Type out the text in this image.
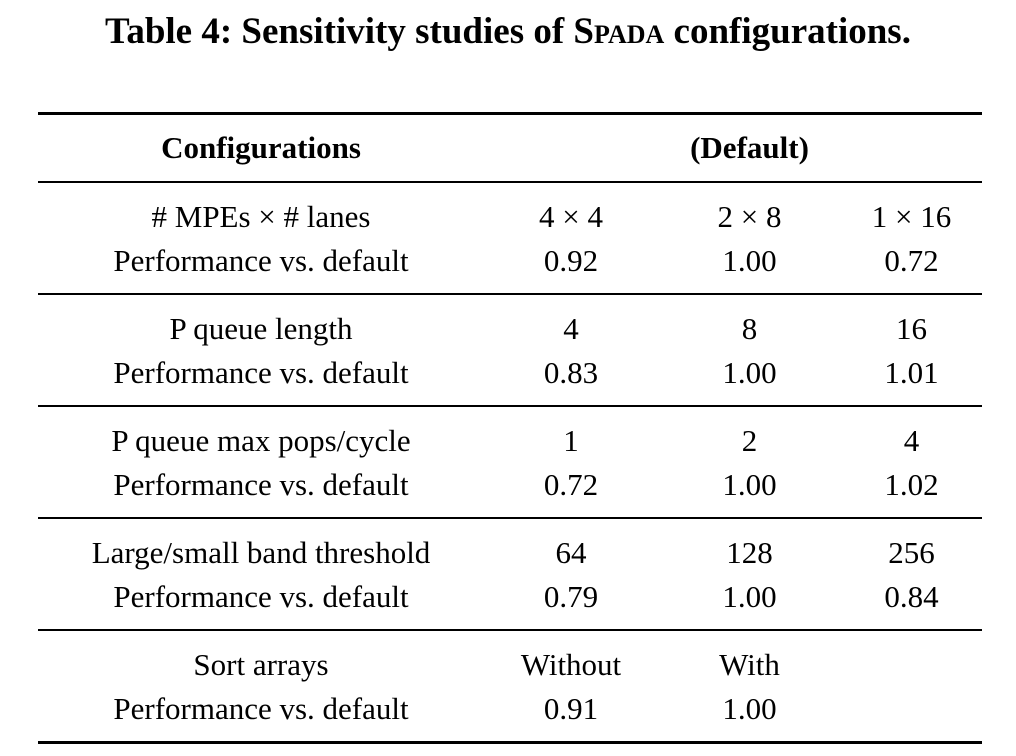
Table 4: Sensitivity studies of Spada configurations.
Configurations		(Default)	
# MPEs × # lanes	4 × 4	2 × 8	1 × 16
Performance vs. default	0.92	1.00	0.72
P queue length	4	8	16
Performance vs. default	0.83	1.00	1.01
P queue max pops/cycle	1	2	4
Performance vs. default	0.72	1.00	1.02
Large/small band threshold	64	128	256
Performance vs. default	0.79	1.00	0.84
Sort arrays	Without	With	
Performance vs. default	0.91	1.00	
